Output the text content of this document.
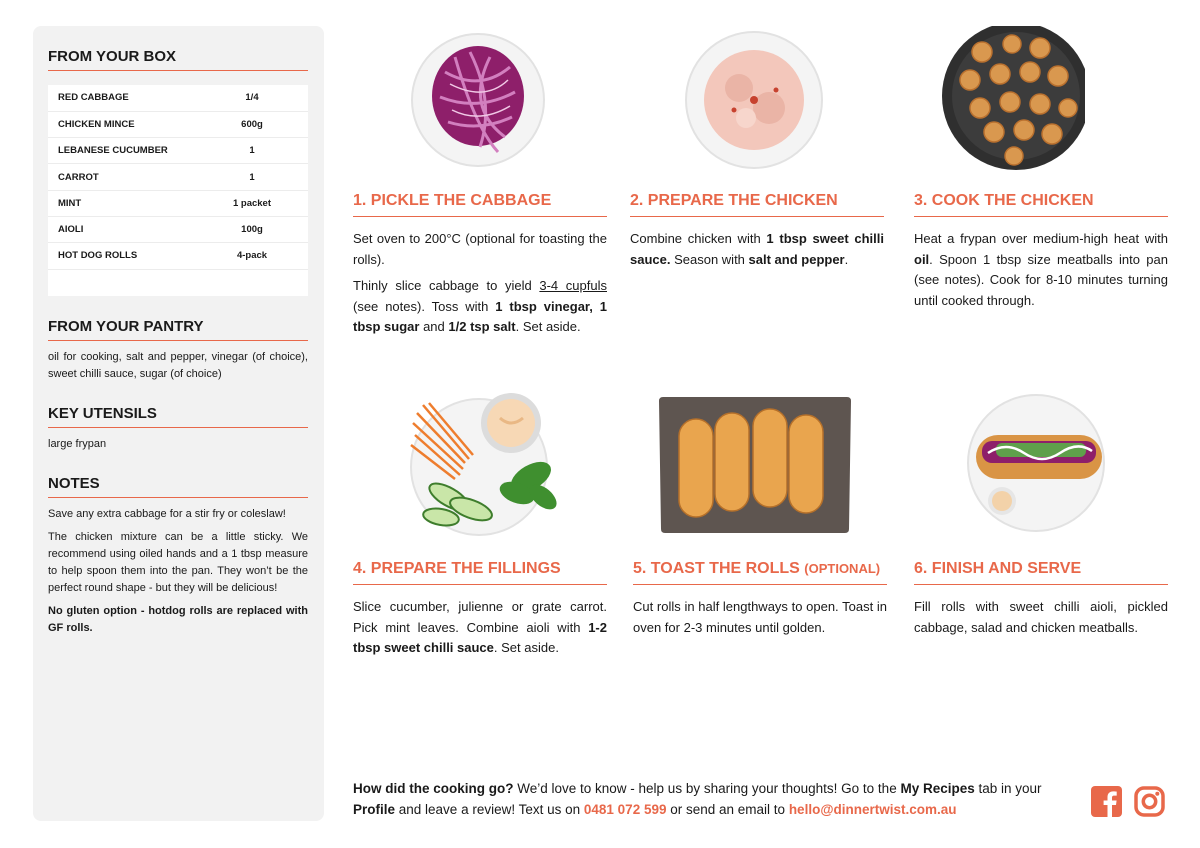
FROM YOUR BOX
RED CABBAGE	1/4
CHICKEN MINCE	600g
LEBANESE CUCUMBER	1
CARROT	1
MINT	1 packet
AIOLI	100g
HOT DOG ROLLS	4-pack

FROM YOUR PANTRY

oil for cooking, salt and pepper, vinegar (of choice), sweet chilli sauce, sugar (of choice)

KEY UTENSILS

large frypan

NOTES

Save any extra cabbage for a stir fry or coleslaw!

The chicken mixture can be a little sticky. We recommend using oiled hands and a 1 tbsp measure to help spoon them into the pan. They won’t be the perfect round shape - but they will be delicious!

No gluten option - hotdog rolls are replaced with GF rolls.

1. PICKLE THE CABBAGE

Set oven to 200°C (optional for toasting the rolls).

Thinly slice cabbage to yield 3-4 cupfuls (see notes). Toss with 1 tbsp vinegar, 1 tbsp sugar and 1/2 tsp salt. Set aside.

2. PREPARE THE CHICKEN

Combine chicken with 1 tbsp sweet chilli sauce. Season with salt and pepper.

3. COOK THE CHICKEN

Heat a frypan over medium-high heat with oil. Spoon 1 tbsp size meatballs into pan (see notes). Cook for 8-10 minutes turning until cooked through.

4. PREPARE THE FILLINGS

Slice cucumber, julienne or grate carrot. Pick mint leaves. Combine aioli with 1-2 tbsp sweet chilli sauce. Set aside.

5. TOAST THE ROLLS (OPTIONAL)

Cut rolls in half lengthways to open. Toast in oven for 2-3 minutes until golden.

6. FINISH AND SERVE

Fill rolls with sweet chilli aioli, pickled cabbage, salad and chicken meatballs.

How did the cooking go? We’d love to know - help us by sharing your thoughts! Go to the My Recipes tab in your Profile and leave a review! Text us on 0481 072 599 or send an email to hello@dinnertwist.com.au
